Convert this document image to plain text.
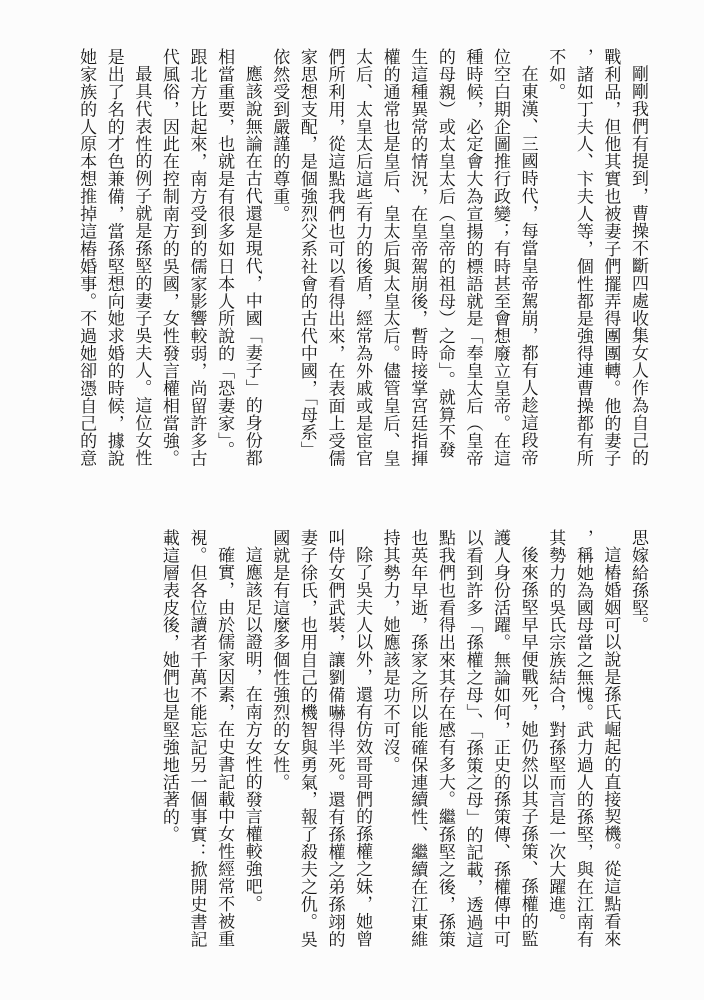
剛剛我們有提到，曹操不斷四處收集女人作為自己的戰利品，但他其實也被妻子們擺弄得團團轉。他的妻子，諸如丁夫人、卞夫人等，個性都是強得連曹操都有所不如。

在東漢、三國時代，每當皇帝駕崩，都有人趁這段帝位空白期企圖推行政變；有時甚至會想廢立皇帝。在這種時候，必定會大為宣揚的標語就是「奉皇太后（皇帝的母親）或太皇太后（皇帝的祖母）之命」。就算不發生這種異常的情況，在皇帝駕崩後，暫時接掌宮廷指揮權的通常也是皇后、皇太后與太皇太后。儘管皇后、皇太后、太皇太后這些有力的後盾，經常為外戚或是宦官們所利用，從這點我們也可以看得出來，在表面上受儒家思想支配，是個強烈父系社會的古代中國，「母系」依然受到嚴謹的尊重。

應該說無論在古代還是現代，中國「妻子」的身份都相當重要，也就是有很多如日本人所說的「恐妻家」。跟北方比起來，南方受到的儒家影響較弱，尚留許多古代風俗，因此在控制南方的吳國，女性發言權相當強。

最具代表性的例子就是孫堅的妻子吳夫人。這位女性是出了名的才色兼備，當孫堅想向她求婚的時候，據說她家族的人原本想推掉這樁婚事。不過她卻憑自己的意

思嫁給孫堅。

這樁婚姻可以說是孫氏崛起的直接契機。從這點看來，稱她為國母當之無愧。武力過人的孫堅，與在江南有其勢力的吳氏宗族結合，對孫堅而言是一次大躍進。

後來孫堅早早便戰死，她仍然以其子孫策、孫權的監護人身份活躍。無論如何，正史的孫策傳、孫權傳中可以看到許多「孫權之母」、「孫策之母」的記載，透過這點我們也看得出來其存在感有多大。繼孫堅之後，孫策也英年早逝，孫家之所以能確保連續性、繼續在江東維持其勢力，她應該是功不可沒。

除了吳夫人以外，還有仿效哥哥們的孫權之妹，她曾叫侍女們武裝，讓劉備嚇得半死。還有孫權之弟孫翊的妻子徐氏，也用自己的機智與勇氣，報了殺夫之仇。吳國就是有這麼多個性強烈的女性。

這應該足以證明，在南方女性的發言權較強吧。

確實，由於儒家因素，在史書記載中女性經常不被重視。但各位讀者千萬不能忘記另一個事實：掀開史書記載這層表皮後，她們也是堅強地活著的。
